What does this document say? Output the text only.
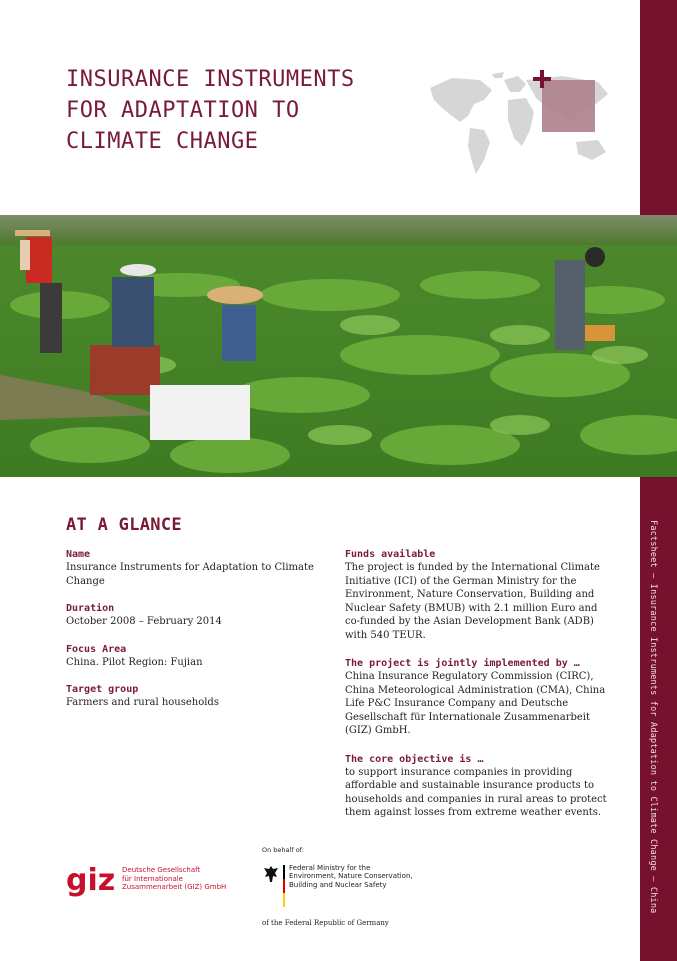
Factsheet – Insurance Instruments for Adaptation to Climate Change – China
INSURANCE INSTRUMENTS
FOR ADAPTATION TO
CLIMATE CHANGE
AT A GLANCE
Name
Insurance Instruments for Adaptation to Climate Change
Duration
October 2008 – February 2014
Focus Area
China. Pilot Region: Fujian
Target group
Farmers and rural households
Funds available
The project is funded by the International Climate Initiative (ICI) of the German Ministry for the Environment, Nature Conservation, Building and Nuclear Safety (BMUB) with 2.1 million Euro and co-funded by the Asian Development Bank (ADB) with 540 TEUR.
The project is jointly implemented by …
China Insurance Regulatory Commission (CIRC), China Meteorological Administration (CMA), China Life P&C Insurance Company and Deutsche Gesellschaft für Internationale Zusammenarbeit (GIZ) GmbH.
The core objective is …
to support insurance companies in providing affordable and sustainable insurance products to households and companies in rural areas to protect them against losses from extreme weather events.
giz Deutsche Gesellschaft
für Internationale
Zusammenarbeit (GIZ) GmbH
On behalf of:
Federal Ministry for the
Environment, Nature Conservation,
Building and Nuclear Safety
of the Federal Republic of Germany
